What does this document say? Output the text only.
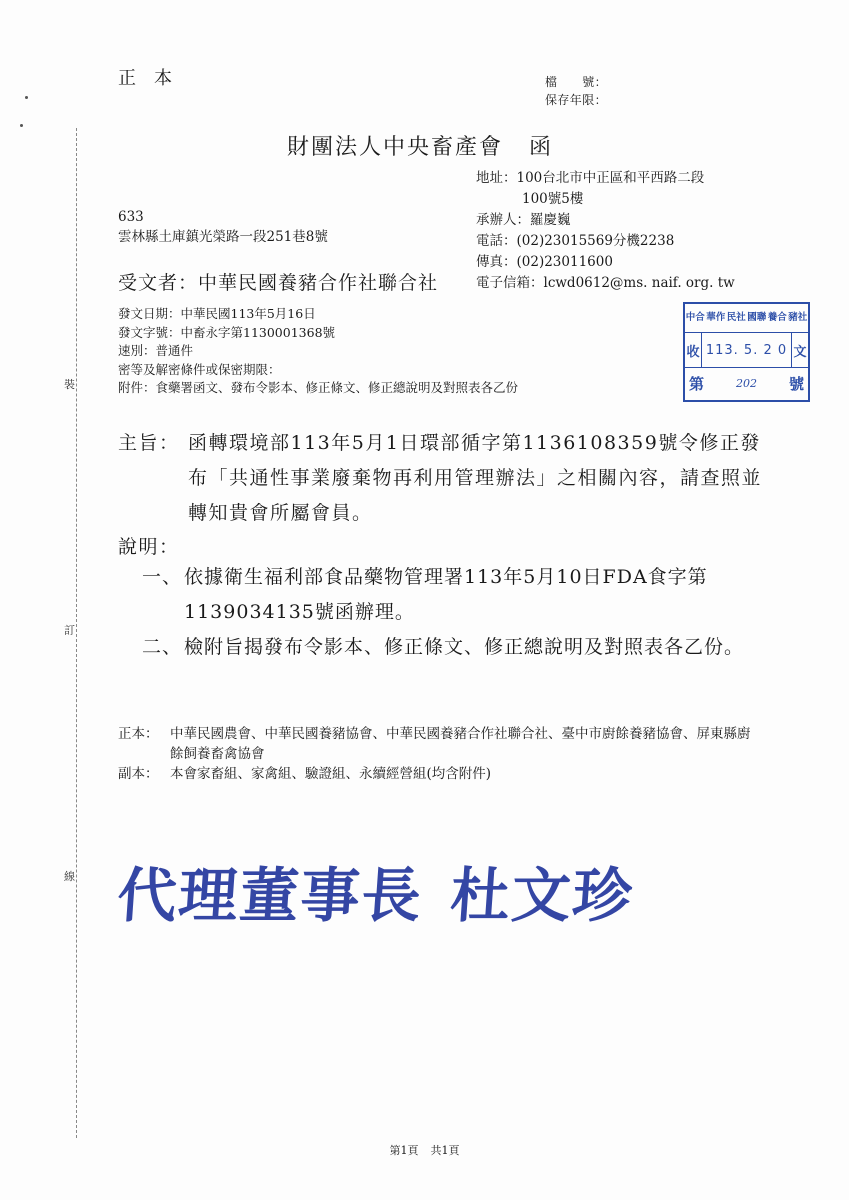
裝
訂
線
正本	檔　　號：
保存年限：
財團法人中央畜產會 函
地址：100台北市中正區和平西路二段
100號5樓
承辦人：羅慶巍
電話：(02)23015569分機2238
傳真：(02)23011600
電子信箱：lcwd0612@ms. naif. org. tw
633
雲林縣土庫鎮光榮路一段251巷8號
受文者：中華民國養豬合作社聯合社
發文日期：中華民國113年5月16日
發文字號：中畜永字第1130001368號
速別：普通件
密等及解密條件或保密期限：
附件：食藥署函文、發布令影本、修正條文、修正總說明及對照表各乙份
中合 華作 民社 國聯 養合 豬社
收 113. 5. 2 0 文
第	202 號
主旨： 函轉環境部113年5月1日環部循字第1136108359號令修正發布「共通性事業廢棄物再利用管理辦法」之相關內容，請查照並轉知貴會所屬會員。
說明：
一、 依據衛生福利部食品藥物管理署113年5月10日FDA食字第1139034135號函辦理。
二、 檢附旨揭發布令影本、修正條文、修正總說明及對照表各乙份。
正本： 中華民國農會、中華民國養豬協會、中華民國養豬合作社聯合社、臺中市廚餘養豬協會、屏東縣廚餘飼養畜禽協會
副本： 本會家畜組、家禽組、驗證組、永續經營組(均含附件)
代理董事長 杜文珍
第1頁 共1頁
